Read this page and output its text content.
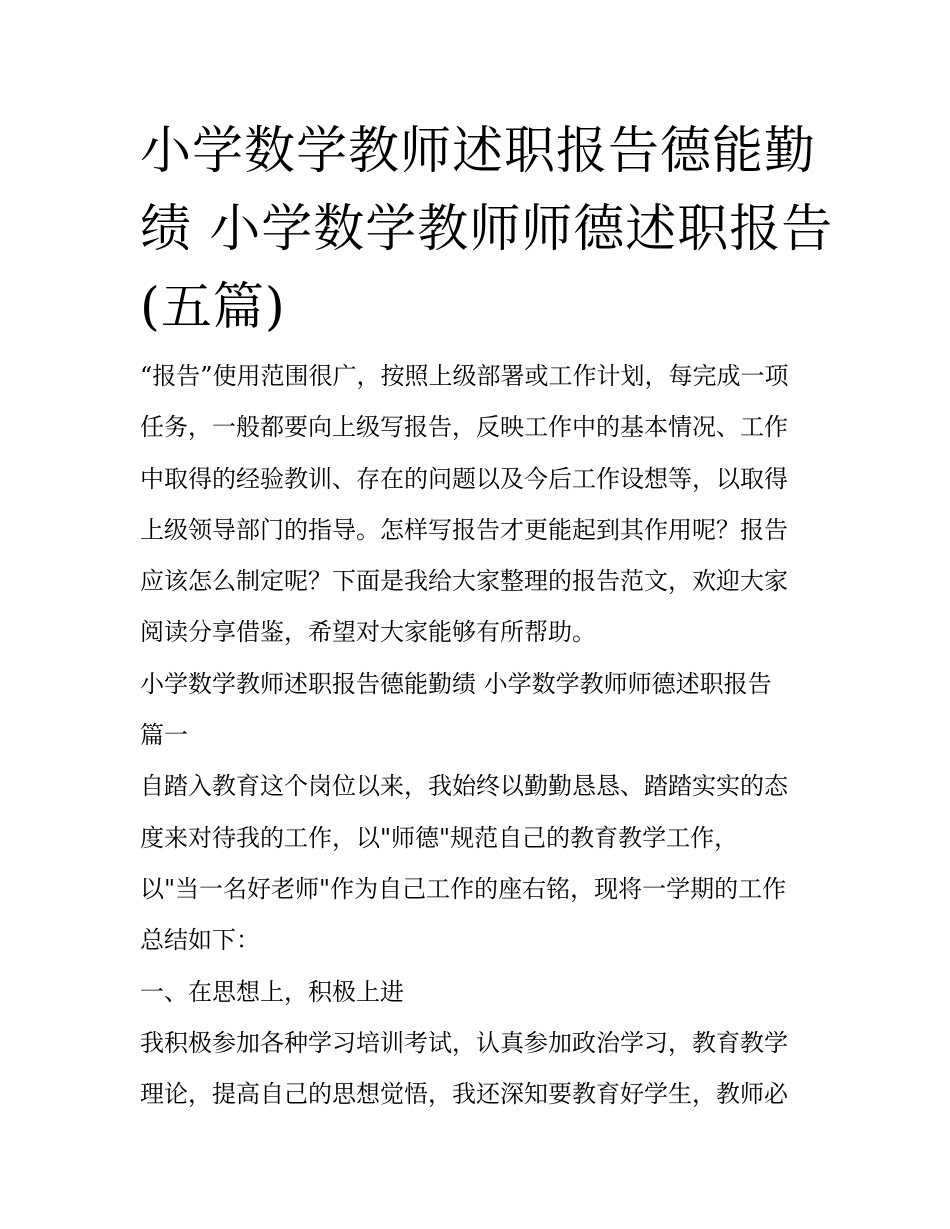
小学数学教师述职报告德能勤
绩 小学数学教师师德述职报告
(五篇)
“报告”使用范围很广，按照上级部署或工作计划，每完成一项
任务，一般都要向上级写报告，反映工作中的基本情况、工作
中取得的经验教训、存在的问题以及今后工作设想等，以取得
上级领导部门的指导。怎样写报告才更能起到其作用呢？报告
应该怎么制定呢？下面是我给大家整理的报告范文，欢迎大家
阅读分享借鉴，希望对大家能够有所帮助。
小学数学教师述职报告德能勤绩 小学数学教师师德述职报告
篇一
自踏入教育这个岗位以来，我始终以勤勤恳恳、踏踏实实的态
度来对待我的工作，以"师德"规范自己的教育教学工作，
以"当一名好老师"作为自己工作的座右铭，现将一学期的工作
总结如下：
一、在思想上，积极上进
我积极参加各种学习培训考试，认真参加政治学习，教育教学
理论，提高自己的思想觉悟，我还深知要教育好学生，教师必
